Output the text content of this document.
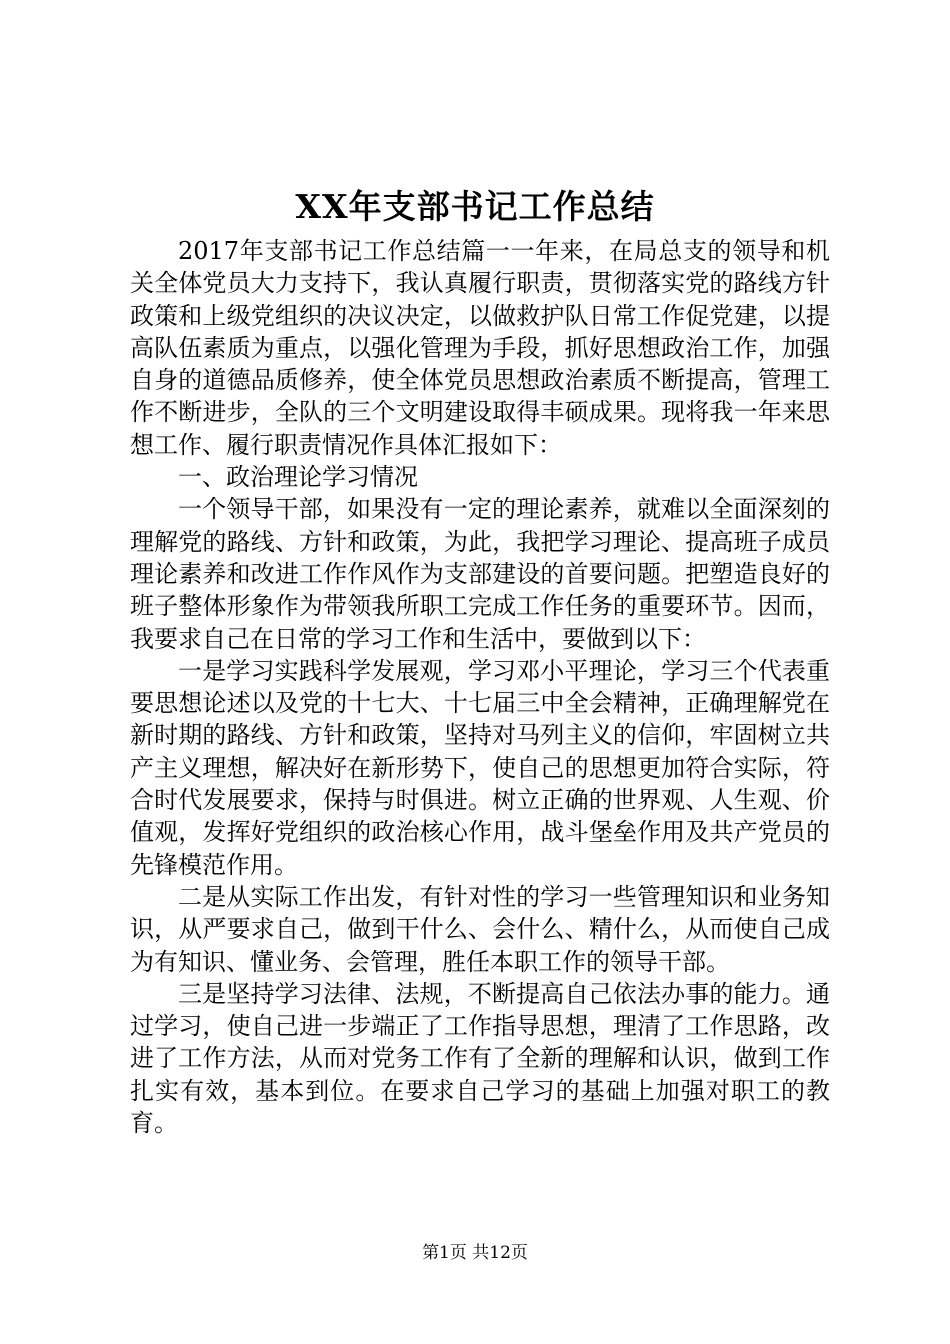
XX年支部书记工作总结

2017年支部书记工作总结篇一一年来，在局总支的领导和机关全体党员大力支持下，我认真履行职责，贯彻落实党的路线方针政策和上级党组织的决议决定，以做救护队日常工作促党建，以提高队伍素质为重点，以强化管理为手段，抓好思想政治工作，加强自身的道德品质修养，使全体党员思想政治素质不断提高，管理工作不断进步，全队的三个文明建设取得丰硕成果。现将我一年来思想工作、履行职责情况作具体汇报如下：

一、政治理论学习情况

一个领导干部，如果没有一定的理论素养，就难以全面深刻的理解党的路线、方针和政策，为此，我把学习理论、提高班子成员理论素养和改进工作作风作为支部建设的首要问题。把塑造良好的班子整体形象作为带领我所职工完成工作任务的重要环节。因而，我要求自己在日常的学习工作和生活中，要做到以下：

一是学习实践科学发展观，学习邓小平理论，学习三个代表重要思想论述以及党的十七大、十七届三中全会精神，正确理解党在新时期的路线、方针和政策，坚持对马列主义的信仰，牢固树立共产主义理想，解决好在新形势下，使自己的思想更加符合实际，符合时代发展要求，保持与时俱进。树立正确的世界观、人生观、价值观，发挥好党组织的政治核心作用，战斗堡垒作用及共产党员的先锋模范作用。

二是从实际工作出发，有针对性的学习一些管理知识和业务知识，从严要求自己，做到干什么、会什么、精什么，从而使自己成为有知识、懂业务、会管理，胜任本职工作的领导干部。

三是坚持学习法律、法规，不断提高自己依法办事的能力。通过学习，使自己进一步端正了工作指导思想，理清了工作思路，改进了工作方法，从而对党务工作有了全新的理解和认识，做到工作扎实有效，基本到位。在要求自己学习的基础上加强对职工的教育。

第1页 共12页
